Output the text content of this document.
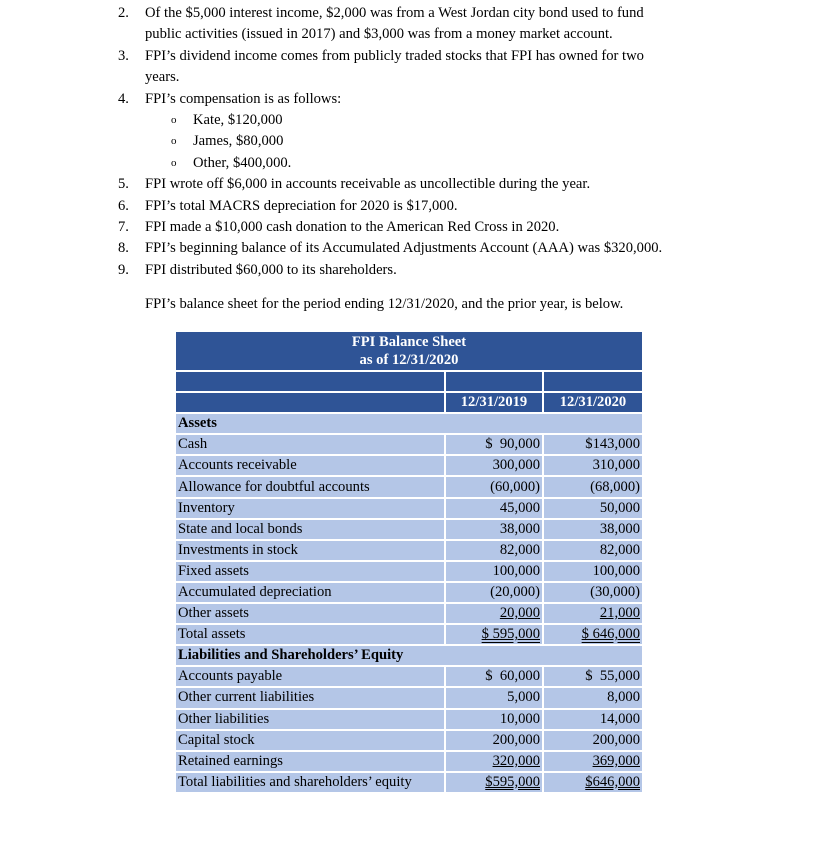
2. Of the $5,000 interest income, $2,000 was from a West Jordan city bond used to fund
public activities (issued in 2017) and $3,000 was from a money market account.
3. FPI’s dividend income comes from publicly traded stocks that FPI has owned for two
years.
4. FPI’s compensation is as follows:
o Kate, $120,000
o James, $80,000
o Other, $400,000.
5. FPI wrote off $6,000 in accounts receivable as uncollectible during the year.
6. FPI’s total MACRS depreciation for 2020 is $17,000.
7. FPI made a $10,000 cash donation to the American Red Cross in 2020.
8. FPI’s beginning balance of its Accumulated Adjustments Account (AAA) was $320,000.
9. FPI distributed $60,000 to its shareholders.
FPI’s balance sheet for the period ending 12/31/2020, and the prior year, is below.
FPI Balance Sheet
as of 12/31/2020		

	12/31/2019	12/31/2020
Assets		
Cash	$  90,000	$143,000
Accounts receivable	300,000	310,000
Allowance for doubtful accounts	(60,000)	(68,000)
Inventory	45,000	50,000
State and local bonds	38,000	38,000
Investments in stock	82,000	82,000
Fixed assets	100,000	100,000
Accumulated depreciation	(20,000)	(30,000)
Other assets	20,000	21,000
Total assets	$ 595,000	$ 646,000
Liabilities and Shareholders’ Equity		
Accounts payable	$  60,000	$  55,000
Other current liabilities	5,000	8,000
Other liabilities	10,000	14,000
Capital stock	200,000	200,000
Retained earnings	320,000	369,000
Total liabilities and shareholders’ equity	$595,000	$646,000
